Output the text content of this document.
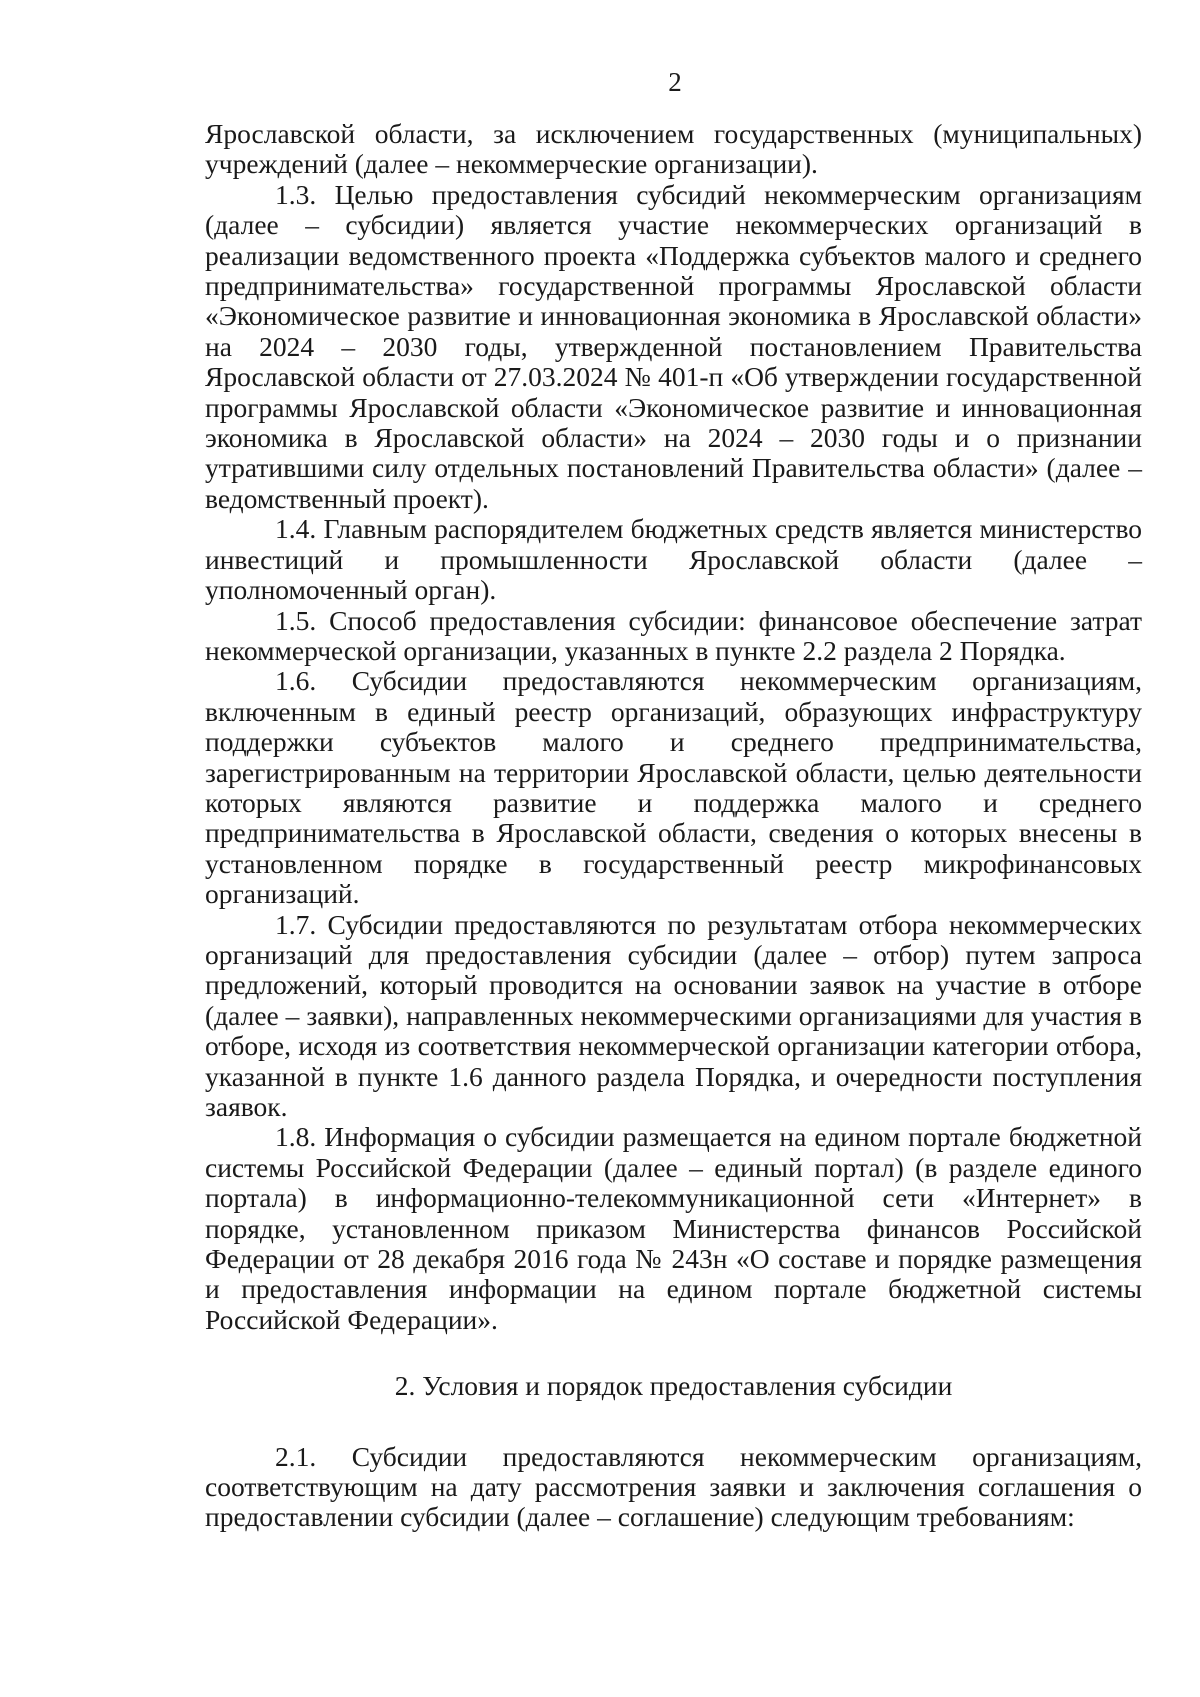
2

Ярославской области, за исключением государственных (муниципальных) учреждений (далее – некоммерческие организации).

1.3. Целью предоставления субсидий некоммерческим организациям (далее – субсидии) является участие некоммерческих организаций в реализации ведомственного проекта «Поддержка субъектов малого и среднего предпринимательства» государственной программы Ярославской области «Экономическое развитие и инновационная экономика в Ярославской области» на 2024 – 2030 годы, утвержденной постановлением Правительства Ярославской области от 27.03.2024 № 401-п «Об утверждении государственной программы Ярославской области «Экономическое развитие и инновационная экономика в Ярославской области» на 2024 – 2030 годы и о признании утратившими силу отдельных постановлений Правительства области» (далее – ведомственный проект).

1.4. Главным распорядителем бюджетных средств является министерство инвестиций и промышленности Ярославской области (далее – уполномоченный орган).

1.5. Способ предоставления субсидии: финансовое обеспечение затрат некоммерческой организации, указанных в пункте 2.2 раздела 2 Порядка.

1.6. Субсидии предоставляются некоммерческим организациям, включенным в единый реестр организаций, образующих инфраструктуру поддержки субъектов малого и среднего предпринимательства, зарегистрированным на территории Ярославской области, целью деятельности которых являются развитие и поддержка малого и среднего предпринимательства в Ярославской области, сведения о которых внесены в установленном порядке в государственный реестр микрофинансовых организаций.

1.7. Субсидии предоставляются по результатам отбора некоммерческих организаций для предоставления субсидии (далее – отбор) путем запроса предложений, который проводится на основании заявок на участие в отборе (далее – заявки), направленных некоммерческими организациями для участия в отборе, исходя из соответствия некоммерческой организации категории отбора, указанной в пункте 1.6 данного раздела Порядка, и очередности поступления заявок.

1.8. Информация о субсидии размещается на едином портале бюджетной системы Российской Федерации (далее – единый портал) (в разделе единого портала) в информационно-телекоммуникационной сети «Интернет» в порядке, установленном приказом Министерства финансов Российской Федерации от 28 декабря 2016 года № 243н «О составе и порядке размещения и предоставления информации на едином портале бюджетной системы Российской Федерации».

2. Условия и порядок предоставления субсидии

2.1. Субсидии предоставляются некоммерческим организациям, соответствующим на дату рассмотрения заявки и заключения соглашения о предоставлении субсидии (далее – соглашение) следующим требованиям:
